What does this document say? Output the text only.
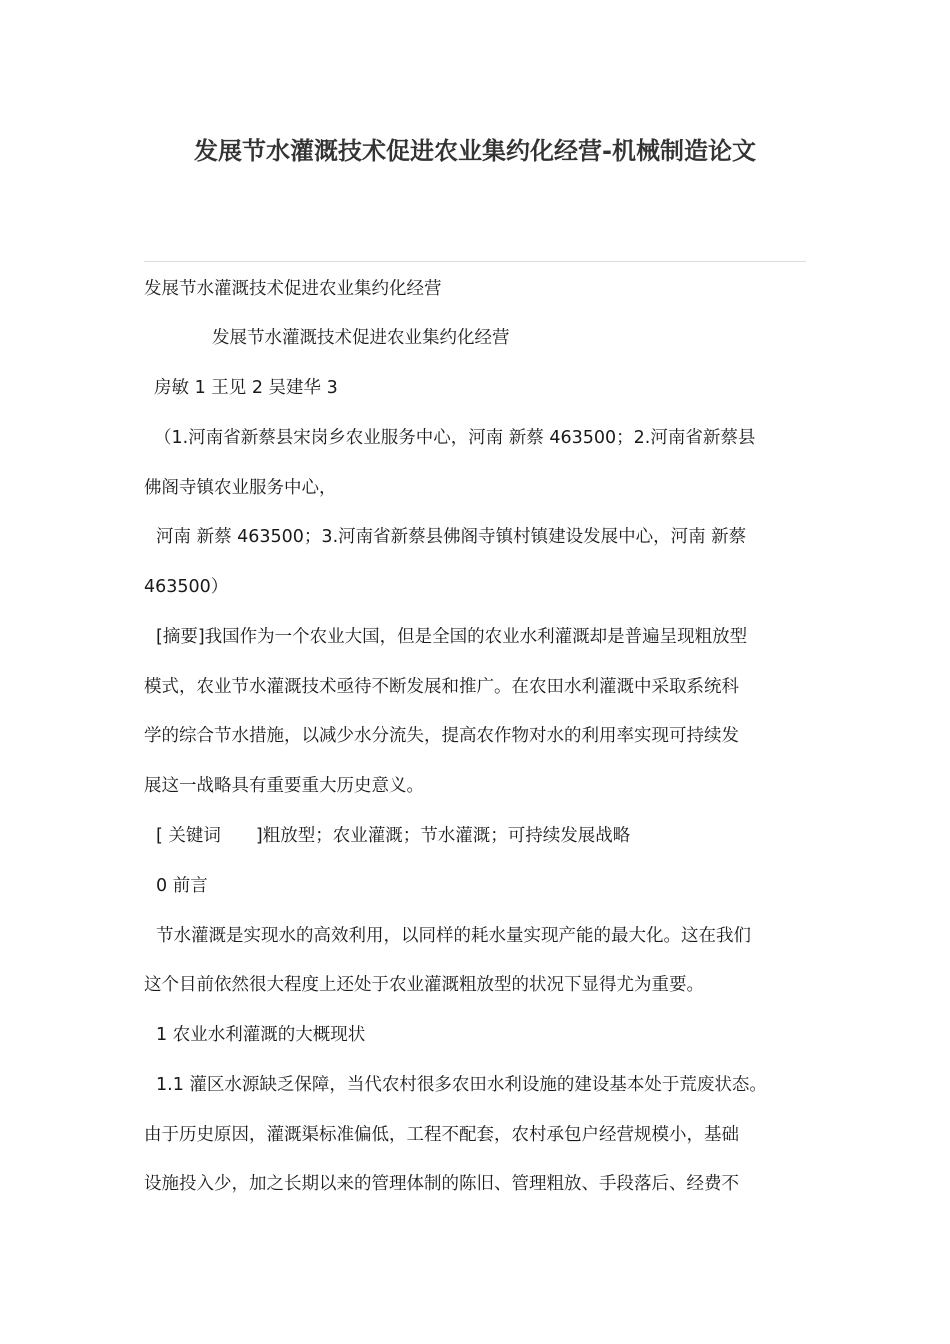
发展节水灌溉技术促进农业集约化经营-机械制造论文

发展节水灌溉技术促进农业集约化经营

发展节水灌溉技术促进农业集约化经营

房敏 1 王见 2 吴建华 3

（1.河南省新蔡县宋岗乡农业服务中心，河南 新蔡 463500；2.河南省新蔡县

佛阁寺镇农业服务中心，

河南 新蔡 463500；3.河南省新蔡县佛阁寺镇村镇建设发展中心，河南 新蔡

463500）

[摘要]我国作为一个农业大国，但是全国的农业水利灌溉却是普遍呈现粗放型

模式，农业节水灌溉技术亟待不断发展和推广。在农田水利灌溉中采取系统科

学的综合节水措施，以减少水分流失，提高农作物对水的利用率实现可持续发

展这一战略具有重要重大历史意义。

[ 关键词　　]粗放型；农业灌溉；节水灌溉；可持续发展战略

0 前言

节水灌溉是实现水的高效利用，以同样的耗水量实现产能的最大化。这在我们

这个目前依然很大程度上还处于农业灌溉粗放型的状况下显得尤为重要。

1 农业水利灌溉的大概现状

1.1 灌区水源缺乏保障，当代农村很多农田水利设施的建设基本处于荒废状态。

由于历史原因，灌溉渠标准偏低，工程不配套，农村承包户经营规模小，基础

设施投入少，加之长期以来的管理体制的陈旧、管理粗放、手段落后、经费不
